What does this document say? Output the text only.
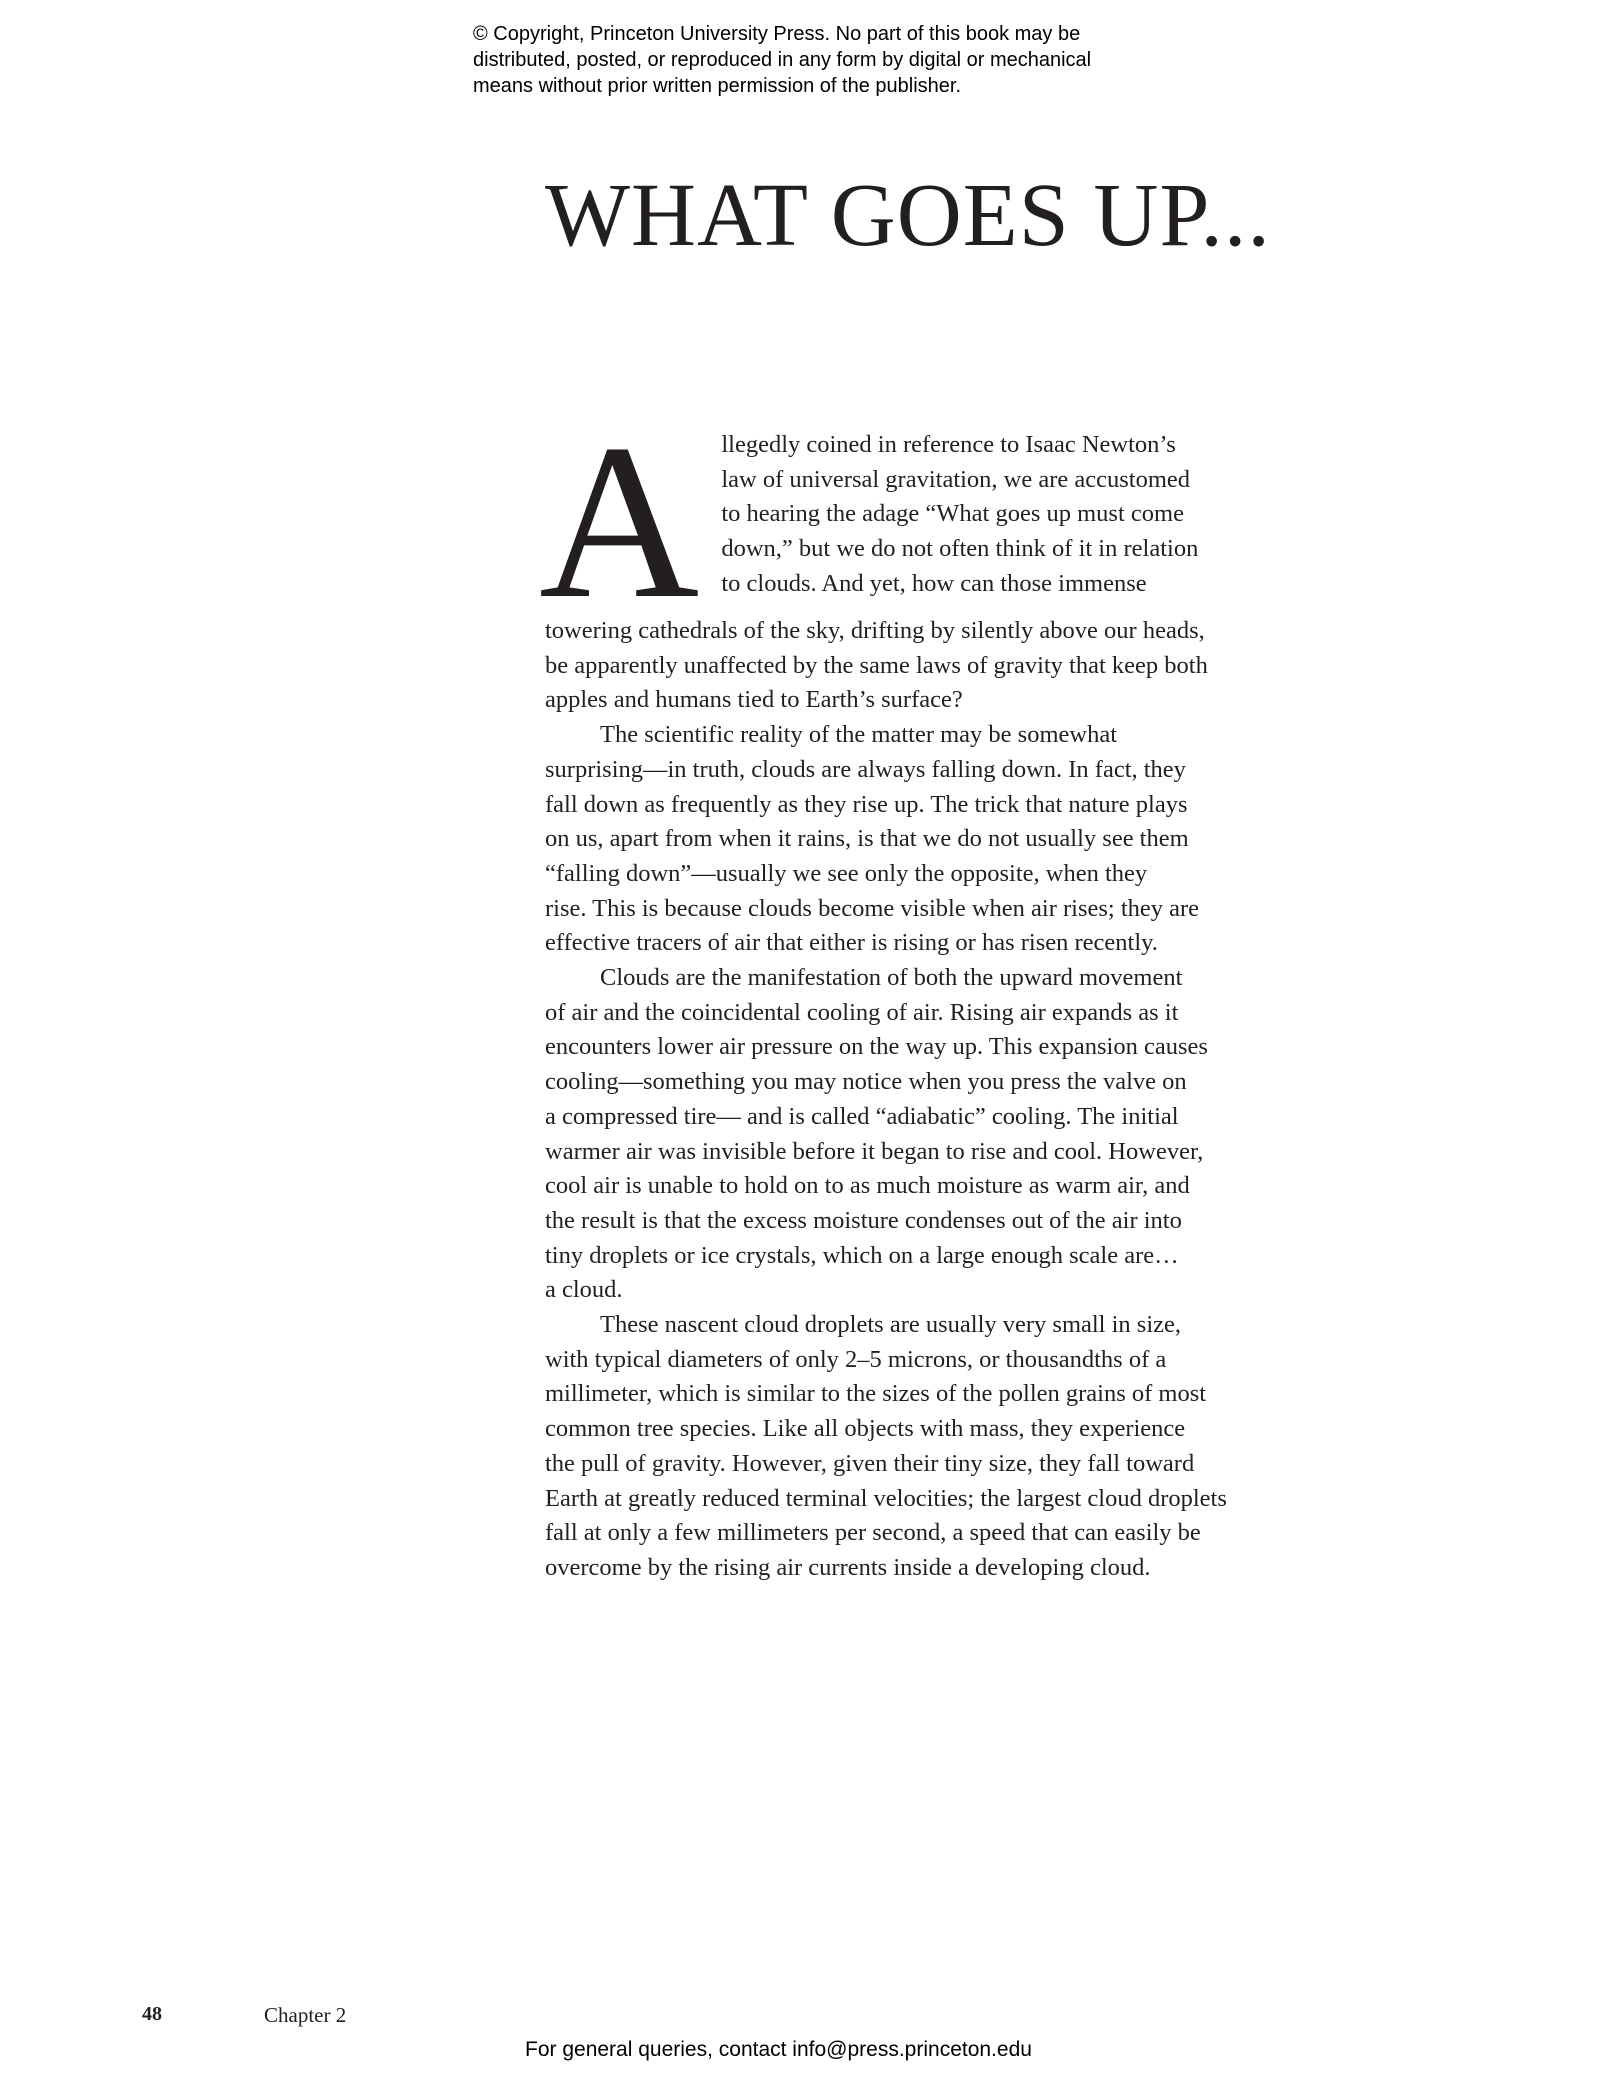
© Copyright, Princeton University Press. No part of this book may be
distributed, posted, or reproduced in any form by digital or mechanical
means without prior written permission of the publisher.
WHAT GOES UP...

A llegedly coined in reference to Isaac Newton’s
law of universal gravitation, we are accustomed
to hearing the adage “What goes up must come
down,” but we do not often think of it in relation
to clouds. And yet, how can those immense
towering cathedrals of the sky, drifting by silently above our heads,
be apparently unaffected by the same laws of gravity that keep both
apples and humans tied to Earth’s surface?

The scientific reality of the matter may be somewhat
surprising—in truth, clouds are always falling down. In fact, they
fall down as frequently as they rise up. The trick that nature plays
on us, apart from when it rains, is that we do not usually see them
“falling down”—usually we see only the opposite, when they
rise. This is because clouds become visible when air rises; they are
effective tracers of air that either is rising or has risen recently.

Clouds are the manifestation of both the upward movement
of air and the coincidental cooling of air. Rising air expands as it
encounters lower air pressure on the way up. This expansion causes
cooling—something you may notice when you press the valve on
a compressed tire— and is called “adiabatic” cooling. The initial
warmer air was invisible before it began to rise and cool. However,
cool air is unable to hold on to as much moisture as warm air, and
the result is that the excess moisture condenses out of the air into
tiny droplets or ice crystals, which on a large enough scale are…
a cloud.

These nascent cloud droplets are usually very small in size,
with typical diameters of only 2–5 microns, or thousandths of a
millimeter, which is similar to the sizes of the pollen grains of most
common tree species. Like all objects with mass, they experience
the pull of gravity. However, given their tiny size, they fall toward
Earth at greatly reduced terminal velocities; the largest cloud droplets
fall at only a few millimeters per second, a speed that can easily be
overcome by the rising air currents inside a developing cloud.

48	Chapter 2
For general queries, contact info@press.princeton.edu
